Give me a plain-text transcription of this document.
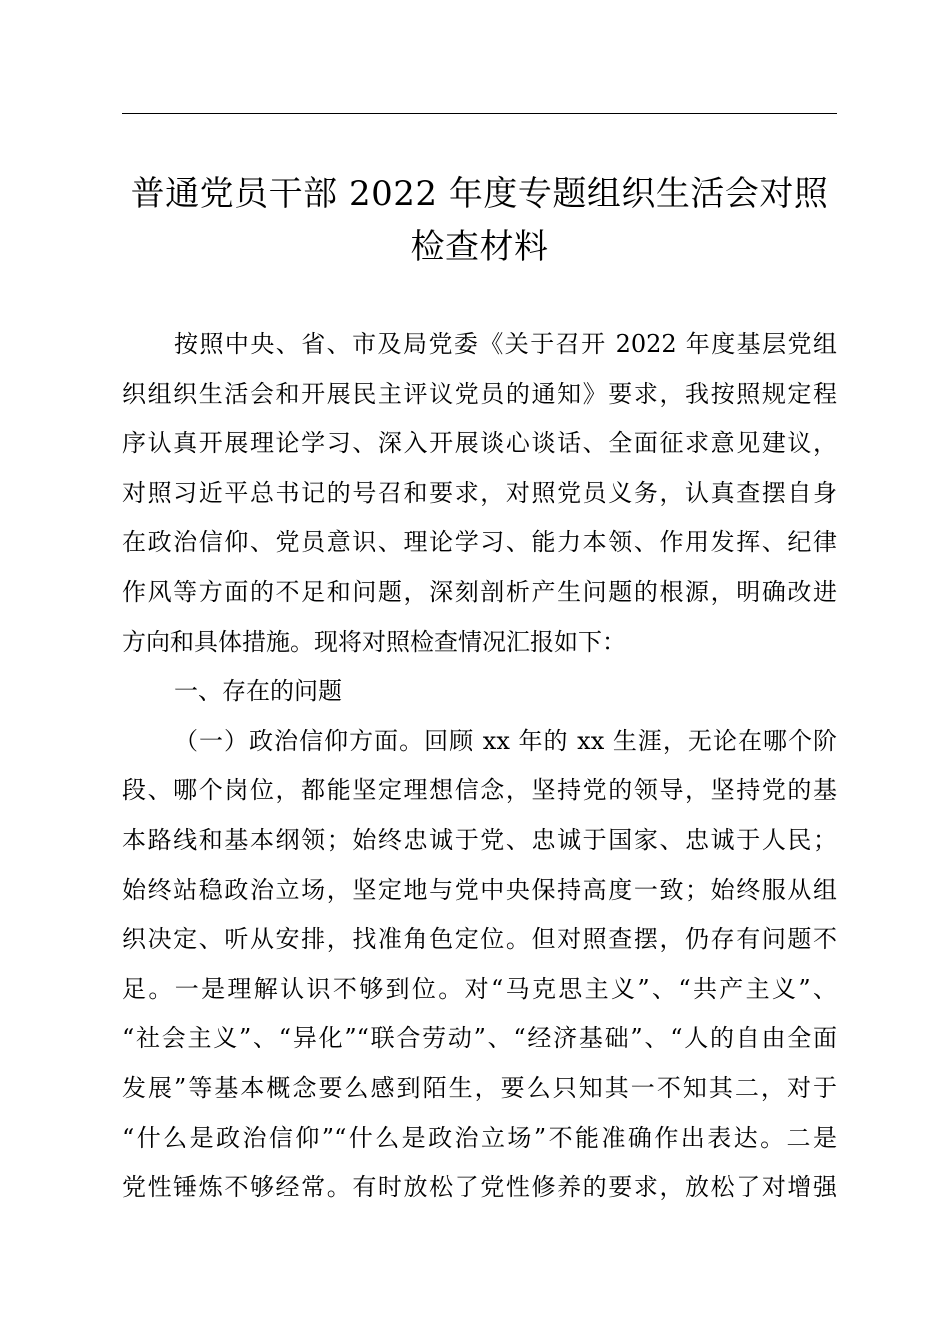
普通党员干部 2022 年度专题组织生活会对照
检查材料
按照中央、省、市及局党委《关于召开 2022 年度基层党组
织组织生活会和开展民主评议党员的通知》要求，我按照规定程
序认真开展理论学习、深入开展谈心谈话、全面征求意见建议，
对照习近平总书记的号召和要求，对照党员义务，认真查摆自身
在政治信仰、党员意识、理论学习、能力本领、作用发挥、纪律
作风等方面的不足和问题，深刻剖析产生问题的根源，明确改进
方向和具体措施。现将对照检查情况汇报如下：
一、存在的问题
（一）政治信仰方面。回顾 xx 年的 xx 生涯，无论在哪个阶
段、哪个岗位，都能坚定理想信念，坚持党的领导，坚持党的基
本路线和基本纲领；始终忠诚于党、忠诚于国家、忠诚于人民；
始终站稳政治立场，坚定地与党中央保持高度一致；始终服从组
织决定、听从安排，找准角色定位。但对照查摆，仍存有问题不
足。一是理解认识不够到位。对“马克思主义”、“共产主义”、
“社会主义”、“异化”“联合劳动”、“经济基础”、“人的自由全面
发展”等基本概念要么感到陌生，要么只知其一不知其二，对于
“什么是政治信仰”“什么是政治立场”不能准确作出表达。二是
党性锤炼不够经常。有时放松了党性修养的要求，放松了对增强
